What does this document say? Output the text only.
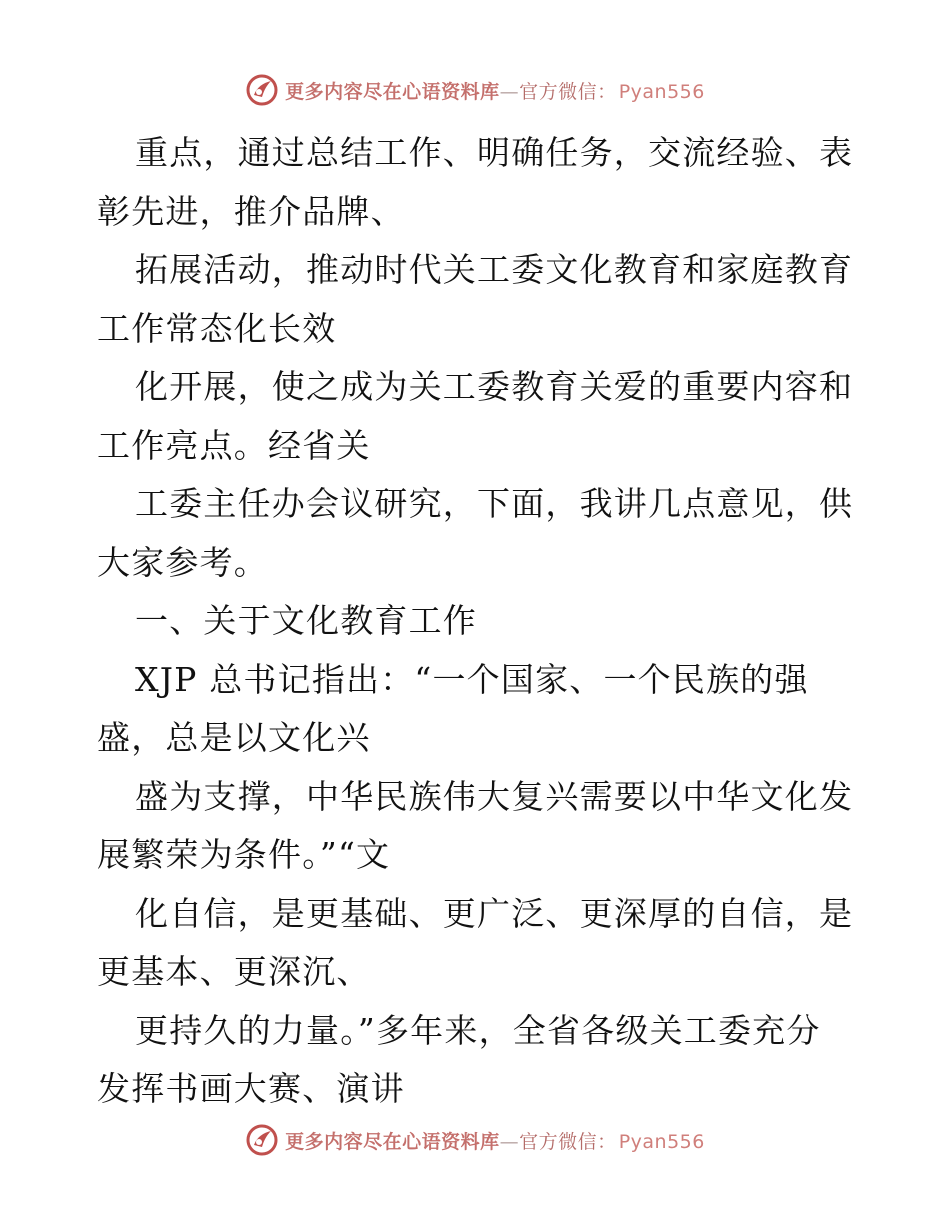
更多内容尽在心语资料库—官方微信： Pyan556
重点，通过总结工作、明确任务，交流经验、表
彰先进，推介品牌、
拓展活动，推动时代关工委文化教育和家庭教育
工作常态化长效
化开展，使之成为关工委教育关爱的重要内容和
工作亮点。经省关
工委主任办会议研究，下面，我讲几点意见，供
大家参考。
一、关于文化教育工作
XJP 总书记指出：“一个国家、一个民族的强
盛，总是以文化兴
盛为支撑，中华民族伟大复兴需要以中华文化发
展繁荣为条件。”“文
化自信，是更基础、更广泛、更深厚的自信，是
更基本、更深沉、
更持久的力量。”多年来，全省各级关工委充分
发挥书画大赛、演讲
更多内容尽在心语资料库—官方微信： Pyan556
